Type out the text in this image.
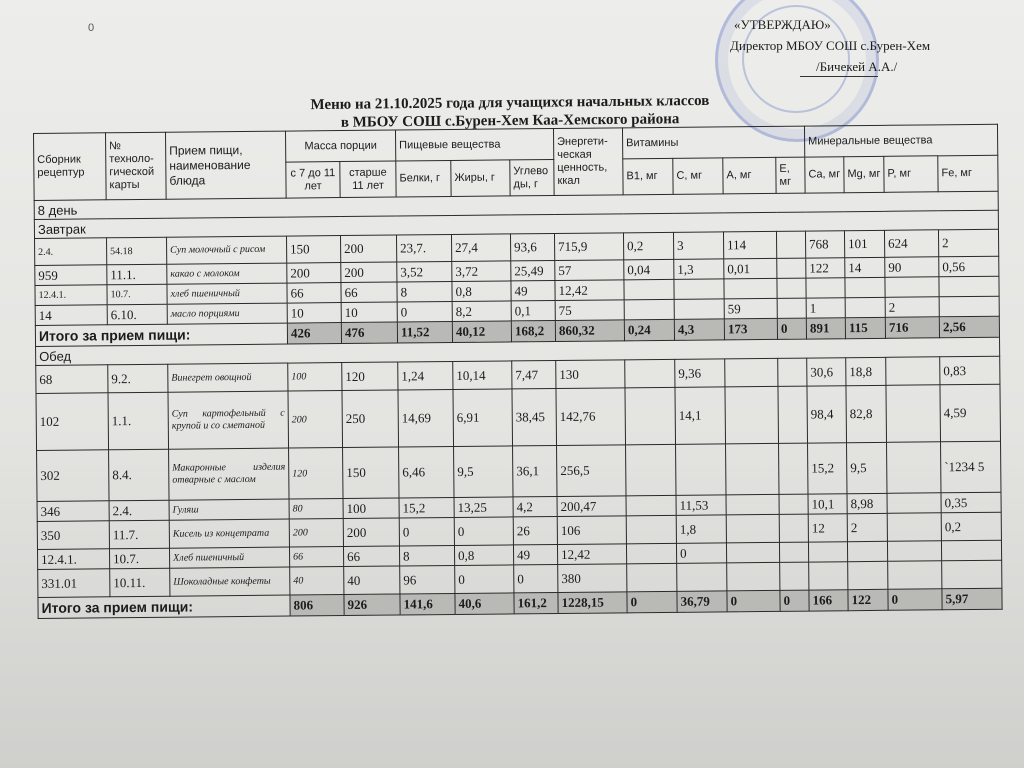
0	«УТВЕРЖДАЮ»
Директор МБОУ СОШ с.Бурен-Хем
/Бичекей А.А./
Меню на 21.10.2025 года для учащихся начальных классов
в МБОУ СОШ с.Бурен-Хем Каа-Хемского района
Сборник рецептур	№ техноло-гической карты	Прием пищи, наименование блюда	Масса порции		Пищевые вещества			Энергети-ческая ценность, ккал	Витамины				Минеральные вещества			
			с 7 до 11 лет	старше 11 лет	Белки, г	Жиры, г	Углево ды, г		B1, мг	C, мг	A, мг	E, мг	Ca, мг	Mg, мг	P, мг	Fe, мг
8 день																
Завтрак																
2.4.	54.18	Суп молочный с рисом	150	200	23,7.	27,4	93,6	715,9	0,2	3	114		768	101	624	2
959	11.1.	какао с молоком	200	200	3,52	3,72	25,49	57	0,04	1,3	0,01		122	14	90	0,56
12.4.1.	10.7.	хлеб пшеничный	66	66	8	0,8	49	12,42								
14	6.10.	масло порциями	10	10	0	8,2	0,1	75			59		1		2	
Итого за прием пищи:			426	476	11,52	40,12	168,2	860,32	0,24	4,3	173	0	891	115	716	2,56
Обед																
68	9.2.	Винегрет овощной	100	120	1,24	10,14	7,47	130		9,36			30,6	18,8		0,83
102	1.1.	Суп картофельный с крупой и со сметаной	200	250	14,69	6,91	38,45	142,76		14,1			98,4	82,8		4,59
302	8.4.	Макаронные изделия отварные с маслом	120	150	6,46	9,5	36,1	256,5					15,2	9,5		`1234 5
346	2.4.	Гуляш	80	100	15,2	13,25	4,2	200,47		11,53			10,1	8,98		0,35
350	11.7.	Кисель из концетрата	200	200	0	0	26	106		1,8			12	2		0,2
12.4.1.	10.7.	Хлеб пшеничный	66	66	8	0,8	49	12,42		0						
331.01	10.11.	Шоколадные конфеты	40	40	96	0	0	380								
Итого за прием пищи:			806	926	141,6	40,6	161,2	1228,15	0	36,79	0	0	166	122	0	5,97
